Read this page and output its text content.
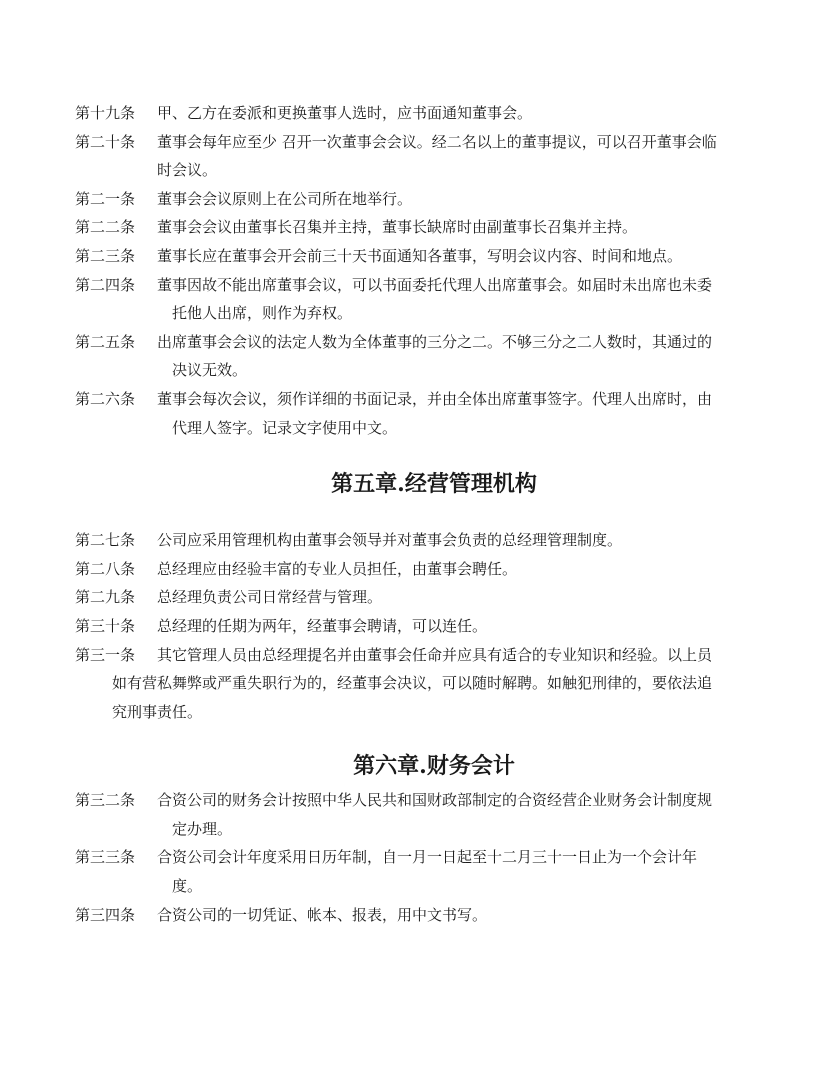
第十九条 甲、乙方在委派和更换董事人选时，应书面通知董事会。
第二十条 董事会每年应至少 召开一次董事会会议。经二名以上的董事提议，可以召开董事会临
时会议。
第二一条 董事会会议原则上在公司所在地举行。
第二二条 董事会会议由董事长召集并主持，董事长缺席时由副董事长召集并主持。
第二三条 董事长应在董事会开会前三十天书面通知各董事，写明会议内容、时间和地点。
第二四条 董事因故不能出席董事会议，可以书面委托代理人出席董事会。如届时未出席也未委
托他人出席，则作为弃权。
第二五条 出席董事会会议的法定人数为全体董事的三分之二。不够三分之二人数时，其通过的
决议无效。
第二六条 董事会每次会议，须作详细的书面记录，并由全体出席董事签字。代理人出席时，由
代理人签字。记录文字使用中文。
第五章.经营管理机构
第二七条 公司应采用管理机构由董事会领导并对董事会负责的总经理管理制度。
第二八条 总经理应由经验丰富的专业人员担任，由董事会聘任。
第二九条 总经理负责公司日常经营与管理。
第三十条 总经理的任期为两年，经董事会聘请，可以连任。
第三一条 其它管理人员由总经理提名并由董事会任命并应具有适合的专业知识和经验。以上员
如有营私舞弊或严重失职行为的，经董事会决议，可以随时解聘。如触犯刑律的，要依法追
究刑事责任。
第六章.财务会计
第三二条 合资公司的财务会计按照中华人民共和国财政部制定的合资经营企业财务会计制度规
定办理。
第三三条 合资公司会计年度采用日历年制，自一月一日起至十二月三十一日止为一个会计年
度。
第三四条 合资公司的一切凭证、帐本、报表，用中文书写。
